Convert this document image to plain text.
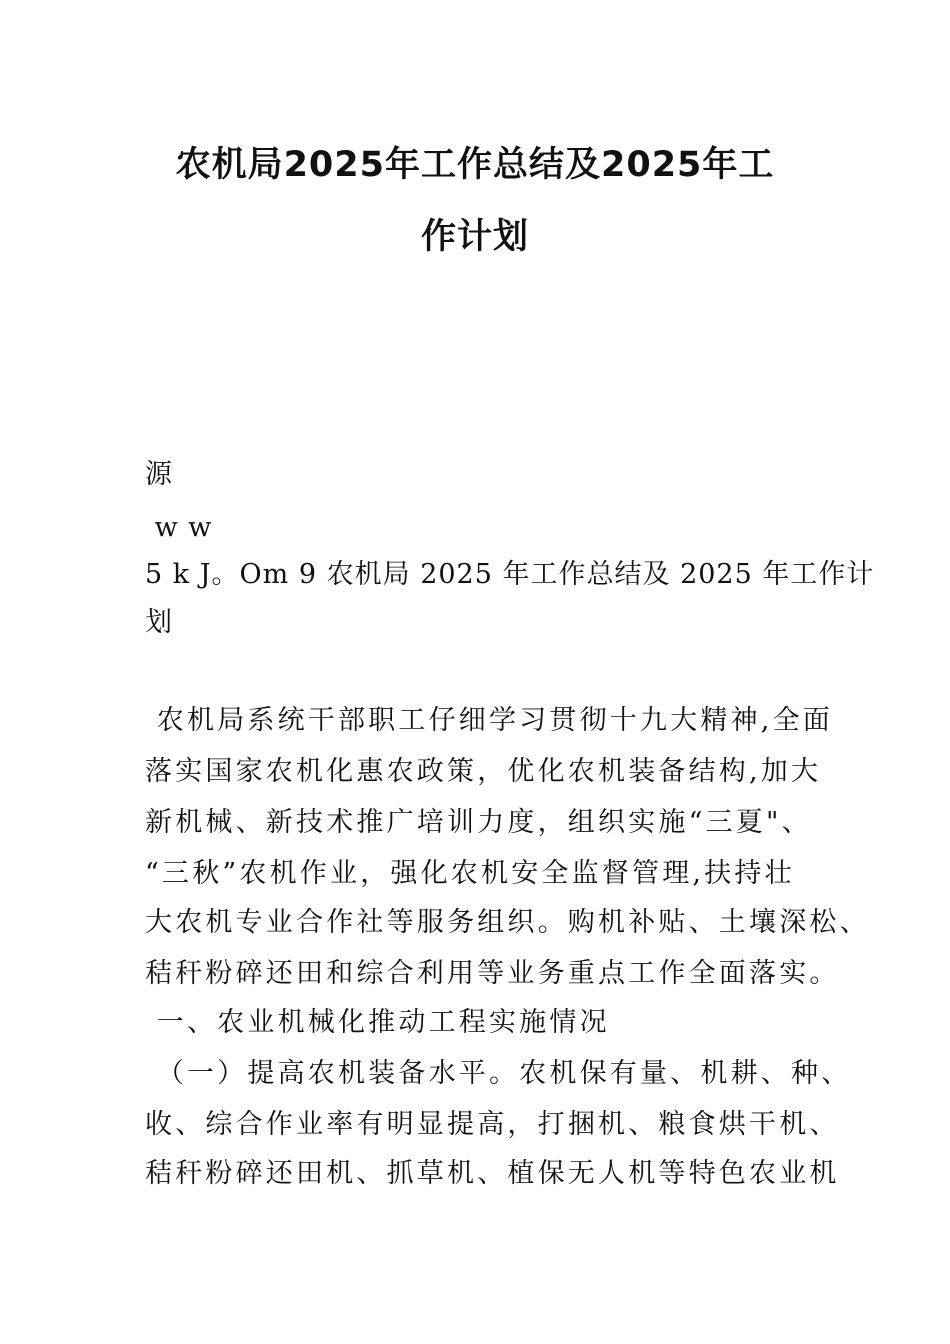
农机局2025年工作总结及2025年工
作计划
源
w w
5 k J。Om 9 农机局 2025 年工作总结及 2025 年工作计
划
农机局系统干部职工仔细学习贯彻十九大精神,全面
落实国家农机化惠农政策，优化农机装备结构,加大
新机械、新技术推广培训力度，组织实施“三夏"、
“三秋”农机作业，强化农机安全监督管理,扶持壮
大农机专业合作社等服务组织。购机补贴、土壤深松、
秸秆粉碎还田和综合利用等业务重点工作全面落实。
一、农业机械化推动工程实施情况
（一）提高农机装备水平。农机保有量、机耕、种、
收、综合作业率有明显提高，打捆机、粮食烘干机、
秸秆粉碎还田机、抓草机、植保无人机等特色农业机
